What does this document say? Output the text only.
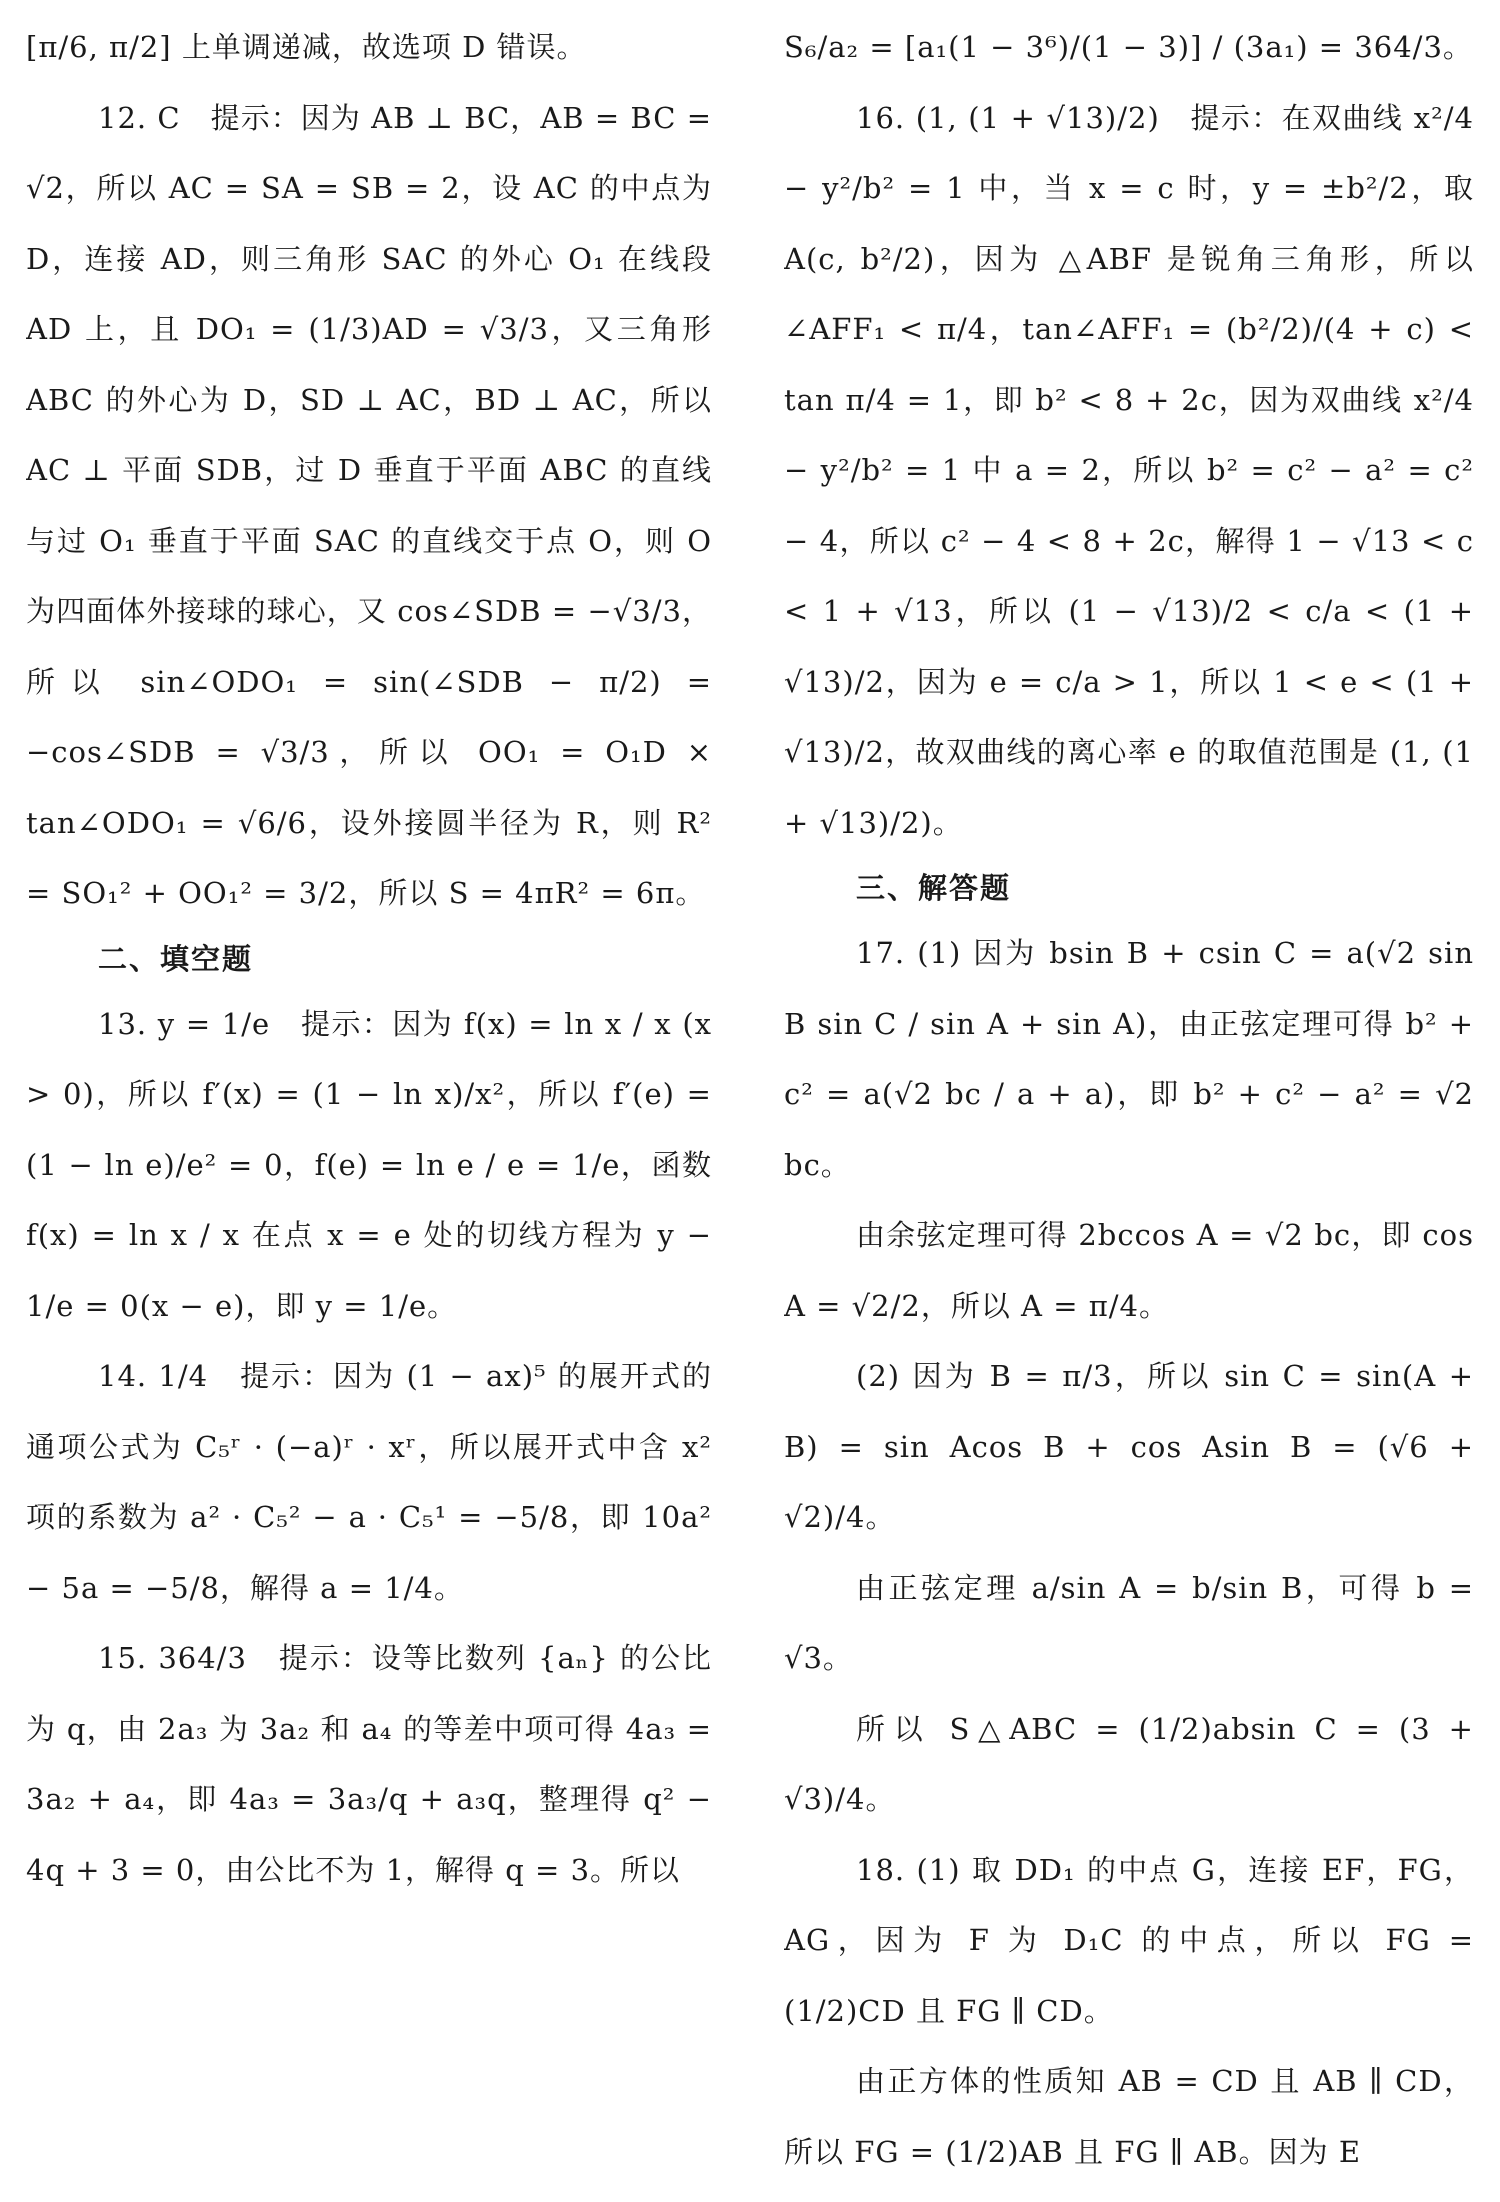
[π/6, π/2] 上单调递减，故选项 D 错误。

12. C　提示：因为 AB ⊥ BC，AB = BC = √2，所以 AC = SA = SB = 2，设 AC 的中点为 D，连接 AD，则三角形 SAC 的外心 O₁ 在线段 AD 上，且 DO₁ = (1/3)AD = √3/3，又三角形 ABC 的外心为 D，SD ⊥ AC，BD ⊥ AC，所以 AC ⊥ 平面 SDB，过 D 垂直于平面 ABC 的直线与过 O₁ 垂直于平面 SAC 的直线交于点 O，则 O 为四面体外接球的球心，又 cos∠SDB = −√3/3，所以 sin∠ODO₁ = sin(∠SDB − π/2) = −cos∠SDB = √3/3，所以 OO₁ = O₁D × tan∠ODO₁ = √6/6，设外接圆半径为 R，则 R² = SO₁² + OO₁² = 3/2，所以 S = 4πR² = 6π。

二、填空题

13. y = 1/e　提示：因为 f(x) = ln x / x (x > 0)，所以 f′(x) = (1 − ln x)/x²，所以 f′(e) = (1 − ln e)/e² = 0，f(e) = ln e / e = 1/e，函数 f(x) = ln x / x 在点 x = e 处的切线方程为 y − 1/e = 0(x − e)，即 y = 1/e。

14. 1/4　提示：因为 (1 − ax)⁵ 的展开式的通项公式为 C₅ʳ · (−a)ʳ · xʳ，所以展开式中含 x² 项的系数为 a² · C₅² − a · C₅¹ = −5/8，即 10a² − 5a = −5/8，解得 a = 1/4。

15. 364/3　提示：设等比数列 {aₙ} 的公比为 q，由 2a₃ 为 3a₂ 和 a₄ 的等差中项可得 4a₃ = 3a₂ + a₄，即 4a₃ = 3a₃/q + a₃q，整理得 q² − 4q + 3 = 0，由公比不为 1，解得 q = 3。所以

S₆/a₂ = [a₁(1 − 3⁶)/(1 − 3)] / (3a₁) = 364/3。

16. (1, (1 + √13)/2)　提示：在双曲线 x²/4 − y²/b² = 1 中，当 x = c 时，y = ±b²/2，取 A(c, b²/2)，因为 △ABF 是锐角三角形，所以 ∠AFF₁ < π/4，tan∠AFF₁ = (b²/2)/(4 + c) < tan π/4 = 1，即 b² < 8 + 2c，因为双曲线 x²/4 − y²/b² = 1 中 a = 2，所以 b² = c² − a² = c² − 4，所以 c² − 4 < 8 + 2c，解得 1 − √13 < c < 1 + √13，所以 (1 − √13)/2 < c/a < (1 + √13)/2，因为 e = c/a > 1，所以 1 < e < (1 + √13)/2，故双曲线的离心率 e 的取值范围是 (1, (1 + √13)/2)。

三、解答题

17. (1) 因为 bsin B + csin C = a(√2 sin B sin C / sin A + sin A)，由正弦定理可得 b² + c² = a(√2 bc / a + a)，即 b² + c² − a² = √2 bc。

由余弦定理可得 2bccos A = √2 bc，即 cos A = √2/2，所以 A = π/4。

(2) 因为 B = π/3，所以 sin C = sin(A + B) = sin Acos B + cos Asin B = (√6 + √2)/4。

由正弦定理 a/sin A = b/sin B，可得 b = √3。

所以 S△ABC = (1/2)absin C = (3 + √3)/4。

18. (1) 取 DD₁ 的中点 G，连接 EF，FG，AG，因为 F 为 D₁C 的中点，所以 FG = (1/2)CD 且 FG ∥ CD。

由正方体的性质知 AB = CD 且 AB ∥ CD，所以 FG = (1/2)AB 且 FG ∥ AB。因为 E
